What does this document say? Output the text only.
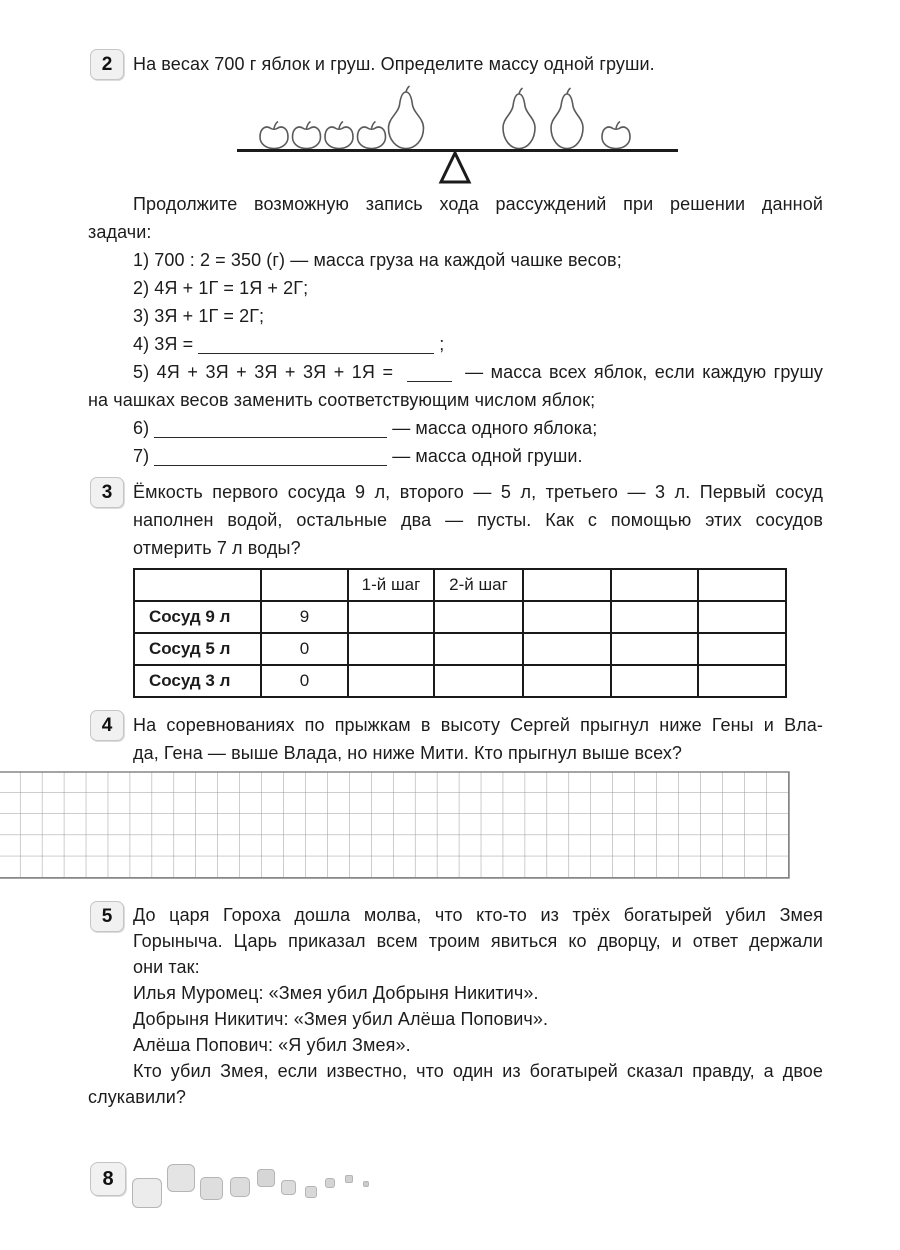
2	На весах 700 г яблок и груш. Определите массу одной груши.
Продолжите возможную запись хода рассуждений при решении данной
задачи:
1) 700 : 2 = 350 (г) — масса груза на каждой чашке весов;
2) 4Я + 1Г = 1Я + 2Г;
3) 3Я + 1Г = 2Г;
4) 3Я =	;
5) 4Я + 3Я + 3Я + 3Я + 1Я =	— масса всех яблок, если каждую грушу
на чашках весов заменить соответствующим числом яблок;
6)	— масса одного яблока;
7)	— масса одной груши.
3	Ёмкость первого сосуда 9 л, второго — 5 л, третьего — 3 л. Первый сосуд
наполнен водой, остальные два — пусты. Как с помощью этих сосудов
отмерить 7 л воды?
		1-й шаг	2-й шаг			
Сосуд 9 л	9					
Сосуд 5 л	0					
Сосуд 3 л	0					
4	На соревнованиях по прыжкам в высоту Сергей прыгнул ниже Гены и Вла-
да, Гена — выше Влада, но ниже Мити. Кто прыгнул выше всех?
5	До царя Гороха дошла молва, что кто-то из трёх богатырей убил Змея
Горыныча. Царь приказал всем троим явиться ко дворцу, и ответ держали
они так:
Илья Муромец: «Змея убил Добрыня Никитич».
Добрыня Никитич: «Змея убил Алёша Попович».
Алёша Попович: «Я убил Змея».
Кто убил Змея, если известно, что один из богатырей сказал правду, а двое
слукавили?
8
